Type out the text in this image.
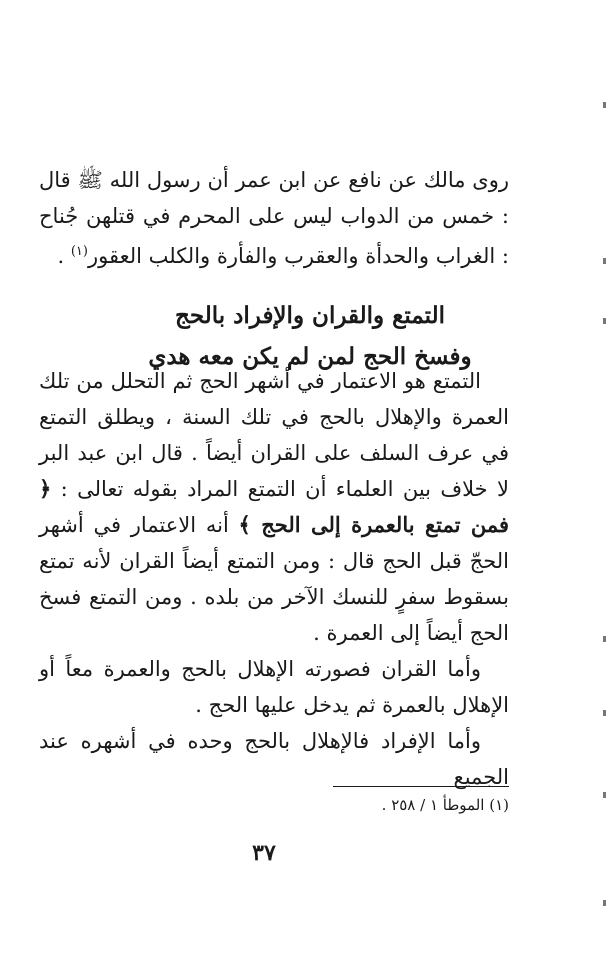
روى مالك عن نافع عن ابن عمر أن رسول الله ﷺ قال : خمس من الدواب ليس على المحرم في قتلهن جُناح : الغراب والحدأة والعقرب والفأرة والكلب العقور$^{(١)}$ .

التمتع والقران والإفراد بالحج
وفسخ الحج لمن لم يكن معه هدي

التمتع هو الاعتمار في أشهر الحج ثم التحلل من تلك العمرة والإهلال بالحج في تلك السنة ، ويطلق التمتع في عرف السلف على القران أيضاً . قال ابن عبد البر لا خلاف بين العلماء أن التمتع المراد بقوله تعالى : ﴿ فمن تمتع بالعمرة إلى الحج ﴾ أنه الاعتمار في أشهر الحجّ قبل الحج قال : ومن التمتع أيضاً القران لأنه تمتع بسقوط سفرٍ للنسك الآخر من بلده . ومن التمتع فسخ الحج أيضاً إلى العمرة .

وأما القران فصورته الإهلال بالحج والعمرة معاً أو الإهلال بالعمرة ثم يدخل عليها الحج .

وأما الإفراد فالإهلال بالحج وحده في أشهره عند الجميع

(١) الموطأ ١ / ٢٥٨ .

٣٧
